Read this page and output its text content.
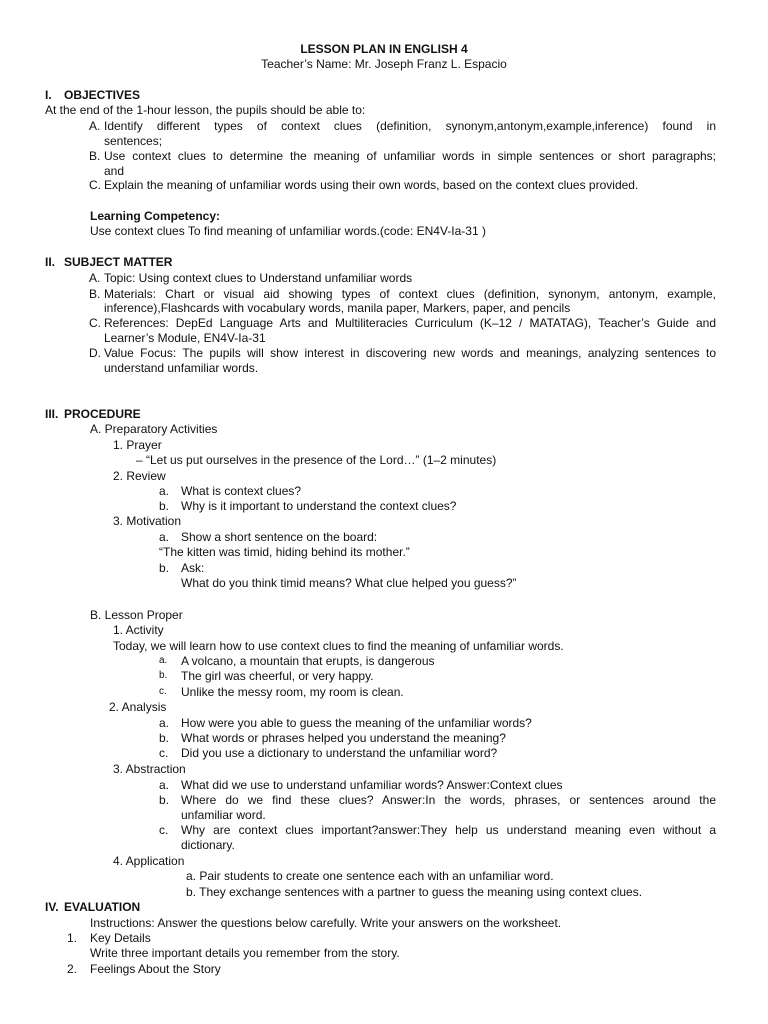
LESSON PLAN IN ENGLISH 4
Teacher’s Name: Mr. Joseph Franz L. Espacio
I. OBJECTIVES
At the end of the 1-hour lesson, the pupils should be able to:
A. Identify different types of context clues (definition, synonym,antonym,example,inference) found in
sentences;
B. Use context clues to determine the meaning of unfamiliar words in simple sentences or short paragraphs;
and
C. Explain the meaning of unfamiliar words using their own words, based on the context clues provided.
Learning Competency:
Use context clues To find meaning of unfamiliar words.(code: EN4V-Ia-31 )
II. SUBJECT MATTER
A. Topic: Using context clues to Understand unfamiliar words
B. Materials: Chart or visual aid showing types of context clues (definition, synonym, antonym, example,
inference),Flashcards with vocabulary words, manila paper, Markers, paper, and pencils
C. References: DepEd Language Arts and Multiliteracies Curriculum (K–12 / MATATAG), Teacher’s Guide and
Learner’s Module, EN4V-Ia-31
D. Value Focus: The pupils will show interest in discovering new words and meanings, analyzing sentences to
understand unfamiliar words.
III. PROCEDURE
A. Preparatory Activities
1. Prayer
– “Let us put ourselves in the presence of the Lord…” (1–2 minutes)
2. Review
a. What is context clues?
b. Why is it important to understand the context clues?
3. Motivation
a. Show a short sentence on the board:
“The kitten was timid, hiding behind its mother.”
b. Ask:
What do you think timid means? What clue helped you guess?”
B. Lesson Proper
1. Activity
Today, we will learn how to use context clues to find the meaning of unfamiliar words.
a. A volcano, a mountain that erupts, is dangerous
b. The girl was cheerful, or very happy.
c. Unlike the messy room, my room is clean.
2. Analysis
a. How were you able to guess the meaning of the unfamiliar words?
b. What words or phrases helped you understand the meaning?
c. Did you use a dictionary to understand the unfamiliar word?
3. Abstraction
a. What did we use to understand unfamiliar words? Answer:Context clues
b. Where do we find these clues? Answer:In the words, phrases, or sentences around the
unfamiliar word.
c. Why are context clues important?answer:They help us understand meaning even without a
dictionary.
4. Application
a. Pair students to create one sentence each with an unfamiliar word.
b. They exchange sentences with a partner to guess the meaning using context clues.
IV. EVALUATION
Instructions: Answer the questions below carefully. Write your answers on the worksheet.
1. Key Details
Write three important details you remember from the story.
2. Feelings About the Story
